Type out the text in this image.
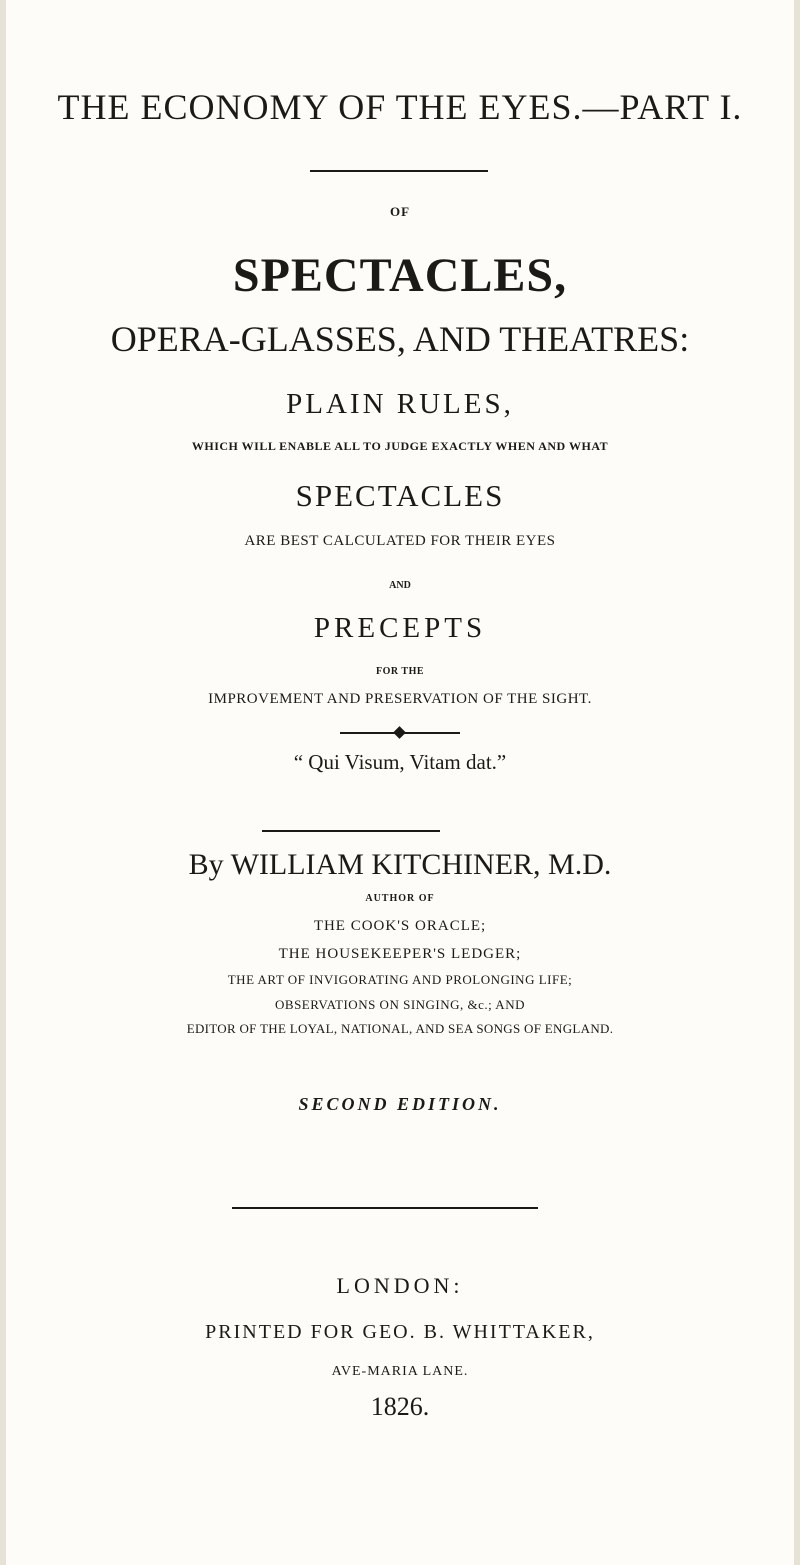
THE ECONOMY OF THE EYES.—PART I.
OF
SPECTACLES,
OPERA-GLASSES, AND THEATRES:
PLAIN RULES,
WHICH WILL ENABLE ALL TO JUDGE EXACTLY WHEN AND WHAT
SPECTACLES
ARE BEST CALCULATED FOR THEIR EYES
AND
PRECEPTS
FOR THE
IMPROVEMENT AND PRESERVATION OF THE SIGHT.
“ Qui Visum, Vitam dat.”
By WILLIAM KITCHINER, M.D.
AUTHOR OF
THE COOK'S ORACLE;
THE HOUSEKEEPER'S LEDGER;
THE ART OF INVIGORATING AND PROLONGING LIFE;
OBSERVATIONS ON SINGING, &c.; AND
EDITOR OF THE LOYAL, NATIONAL, AND SEA SONGS OF ENGLAND.
SECOND EDITION.
LONDON:
PRINTED FOR GEO. B. WHITTAKER,
AVE-MARIA LANE.
1826.
